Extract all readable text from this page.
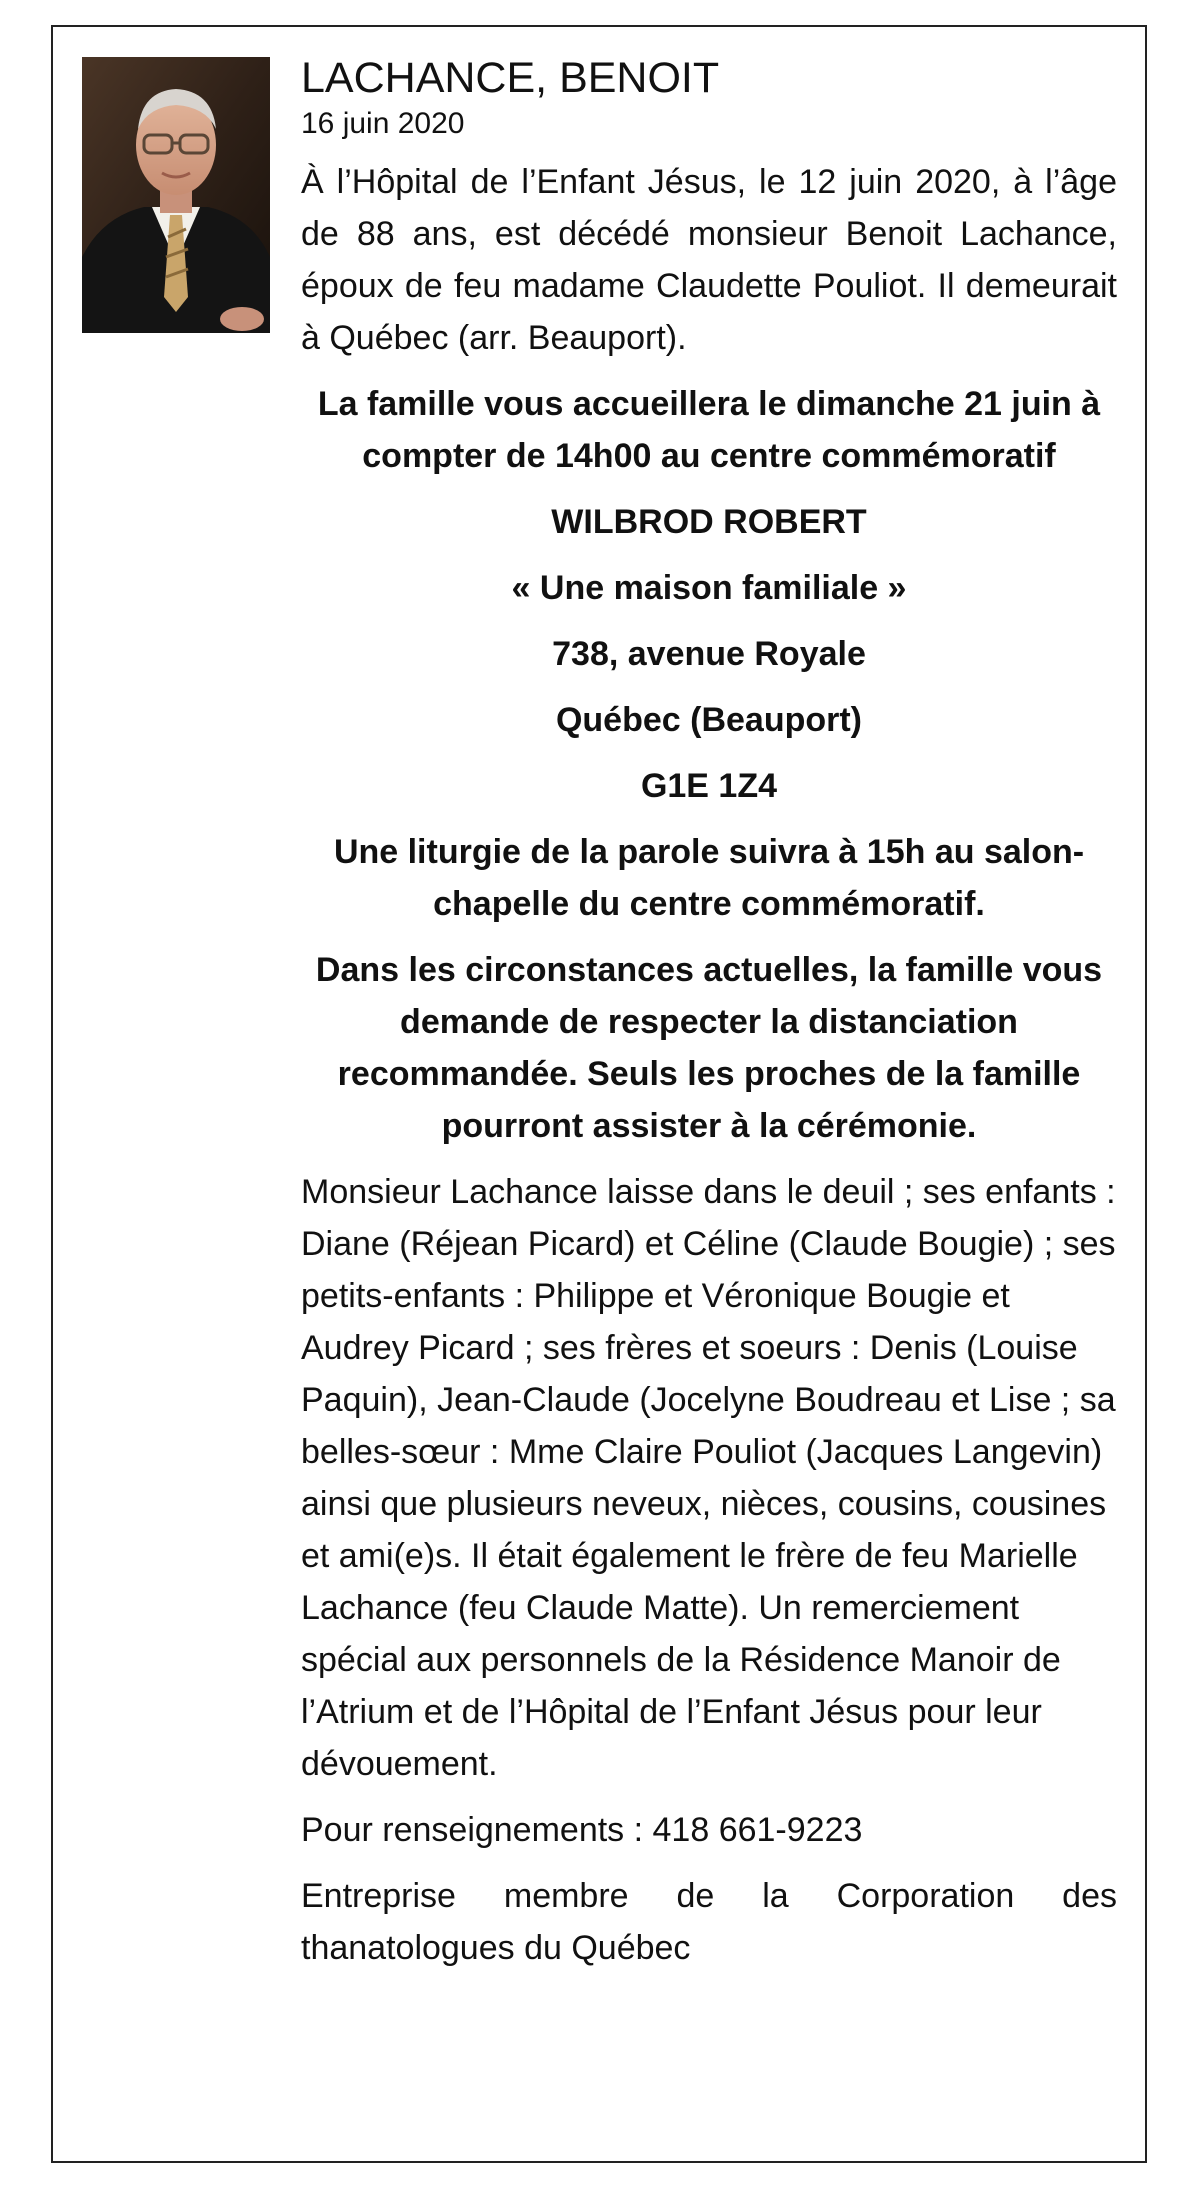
LACHANCE, BENOIT

16 juin 2020

À l’Hôpital de l’Enfant Jésus, le 12 juin 2020, à l’âge de 88 ans, est décédé monsieur Benoit Lachance, époux de feu madame Claudette Pouliot. Il demeurait à Québec (arr. Beauport).

La famille vous accueillera le dimanche 21 juin à compter de 14h00 au centre commémoratif

WILBROD ROBERT

« Une maison familiale »

738, avenue Royale

Québec (Beauport)

G1E 1Z4

Une liturgie de la parole suivra à 15h au salon-chapelle du centre commémoratif.

Dans les circonstances actuelles, la famille vous demande de respecter la distanciation recommandée. Seuls les proches de la famille pourront assister à la cérémonie.

Monsieur Lachance laisse dans le deuil ; ses enfants : Diane (Réjean Picard) et Céline (Claude Bougie) ; ses petits-enfants : Philippe et Véronique Bougie et Audrey Picard ; ses frères et soeurs : Denis (Louise Paquin), Jean-Claude (Jocelyne Boudreau et Lise ; sa belles-sœur : Mme Claire Pouliot (Jacques Langevin) ainsi que plusieurs neveux, nièces, cousins, cousines et ami(e)s. Il était également le frère de feu Marielle Lachance (feu Claude Matte). Un remerciement spécial aux personnels de la Résidence Manoir de l’Atrium et de l’Hôpital de l’Enfant Jésus pour leur dévouement.

Pour renseignements : 418 661-9223

Entreprise membre de la Corporation des thanatologues du Québec
